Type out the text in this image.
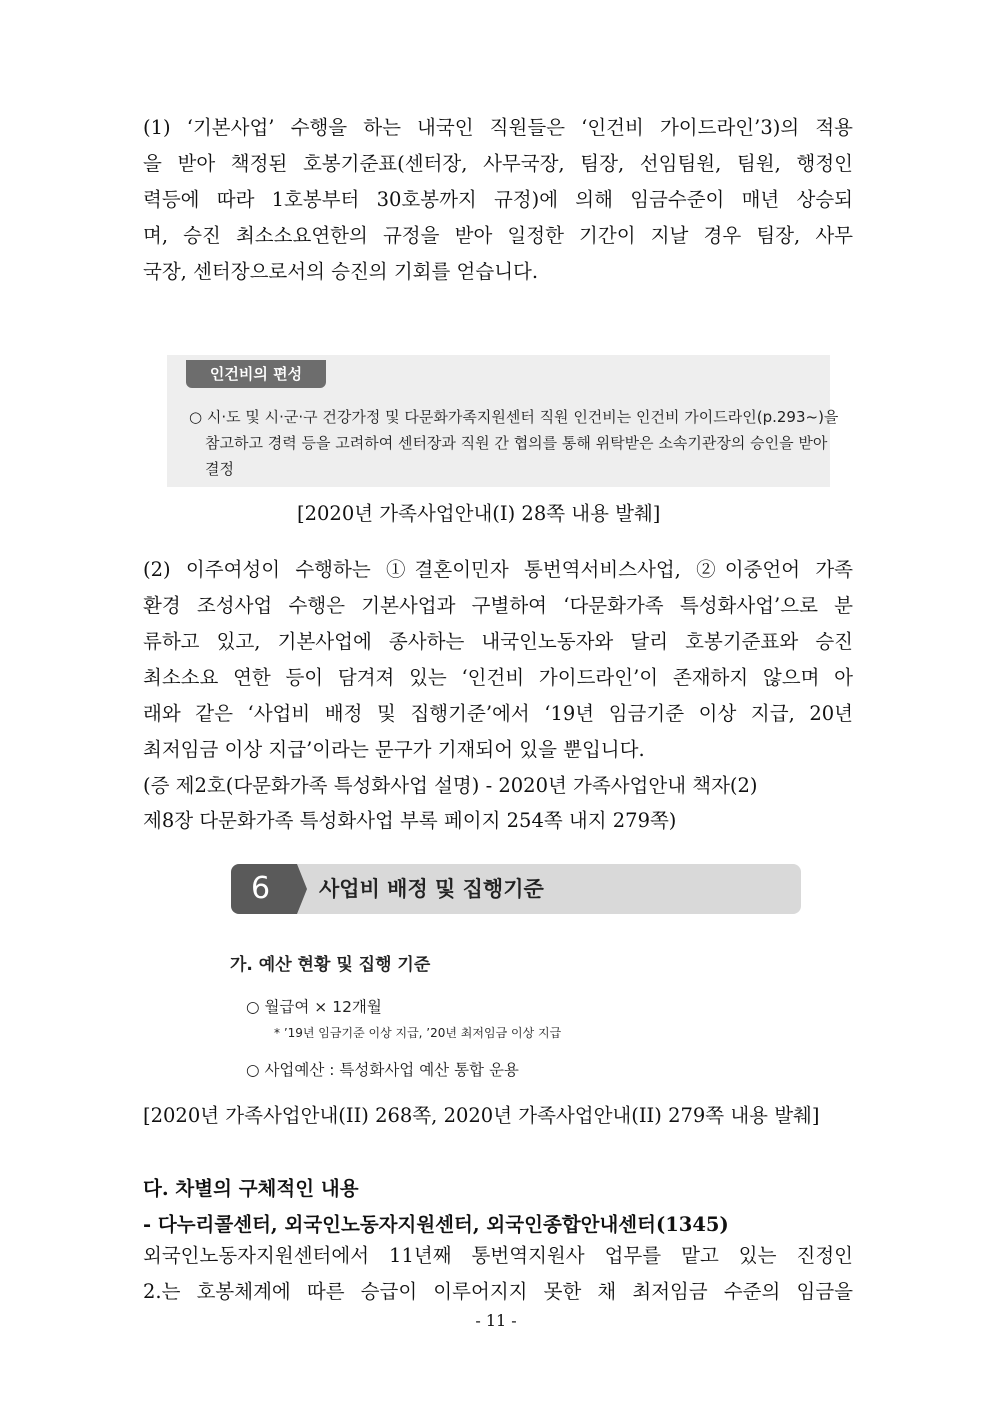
(1) ‘기본사업’ 수행을 하는 내국인 직원들은 ‘인건비 가이드라인’3)의 적용
을 받아 책정된 호봉기준표(센터장, 사무국장, 팀장, 선임팀원, 팀원, 행정인
력등에 따라 1호봉부터 30호봉까지 규정)에 의해 임금수준이 매년 상승되
며, 승진 최소소요연한의 규정을 받아 일정한 기간이 지날 경우 팀장, 사무
국장, 센터장으로서의 승진의 기회를 얻습니다.
인건비의 편성
○ 시·도 및 시·군·구 건강가정 및 다문화가족지원센터 직원 인건비는 인건비 가이드라인(p.293~)을
참고하고 경력 등을 고려하여 센터장과 직원 간 협의를 통해 위탁받은 소속기관장의 승인을 받아
결정

[2020년 가족사업안내(I) 28쪽 내용 발췌]

(2) 이주여성이 수행하는 ①결혼이민자 통번역서비스사업, ②이중언어 가족
환경 조성사업 수행은 기본사업과 구별하여 ‘다문화가족 특성화사업’으로 분
류하고 있고, 기본사업에 종사하는 내국인노동자와 달리 호봉기준표와 승진
최소소요 연한 등이 담겨져 있는 ‘인건비 가이드라인’이 존재하지 않으며 아
래와 같은 ‘사업비 배정 및 집행기준’에서 ‘19년 임금기준 이상 지급, 20년
최저임금 이상 지급’이라는 문구가 기재되어 있을 뿐입니다.
(증 제2호(다문화가족 특성화사업 설명) - 2020년 가족사업안내 책자(2)
제8장 다문화가족 특성화사업 부록 페이지 254쪽 내지 279쪽)
6	사업비 배정 및 집행기준
가. 예산 현황 및 집행 기준
○ 월급여 × 12개월
* ’19년 임금기준 이상 지급, ’20년 최저임금 이상 지급
○ 사업예산 : 특성화사업 예산 통합 운용

[2020년 가족사업안내(II) 268쪽, 2020년 가족사업안내(II) 279쪽 내용 발췌]

다. 차별의 구체적인 내용

- 다누리콜센터, 외국인노동자지원센터, 외국인종합안내센터(1345)

외국인노동자지원센터에서 11년째 통번역지원사 업무를 맡고 있는 진정인
2.는 호봉체계에 따른 승급이 이루어지지 못한 채 최저임금 수준의 임금을
- 11 -
